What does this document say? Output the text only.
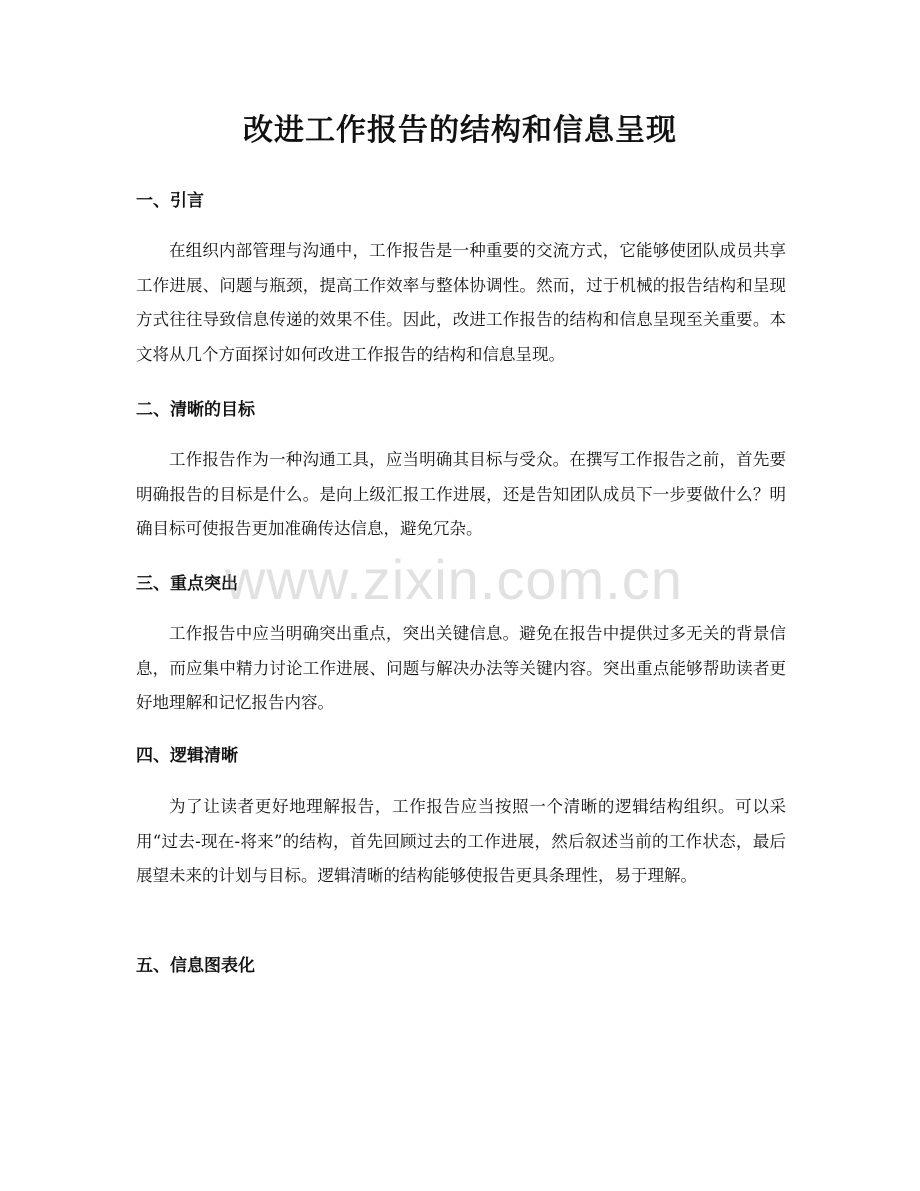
改进工作报告的结构和信息呈现
一、引言

在组织内部管理与沟通中，工作报告是一种重要的交流方式，它能够使团队成员共享工作进展、问题与瓶颈，提高工作效率与整体协调性。然而，过于机械的报告结构和呈现方式往往导致信息传递的效果不佳。因此，改进工作报告的结构和信息呈现至关重要。本文将从几个方面探讨如何改进工作报告的结构和信息呈现。

二、清晰的目标

工作报告作为一种沟通工具，应当明确其目标与受众。在撰写工作报告之前，首先要明确报告的目标是什么。是向上级汇报工作进展，还是告知团队成员下一步要做什么？明确目标可使报告更加准确传达信息，避免冗杂。

三、重点突出

工作报告中应当明确突出重点，突出关键信息。避免在报告中提供过多无关的背景信息，而应集中精力讨论工作进展、问题与解决办法等关键内容。突出重点能够帮助读者更好地理解和记忆报告内容。

四、逻辑清晰

为了让读者更好地理解报告，工作报告应当按照一个清晰的逻辑结构组织。可以采用“过去-现在-将来”的结构，首先回顾过去的工作进展，然后叙述当前的工作状态，最后展望未来的计划与目标。逻辑清晰的结构能够使报告更具条理性，易于理解。

五、信息图表化
www.zixin.com.cn
